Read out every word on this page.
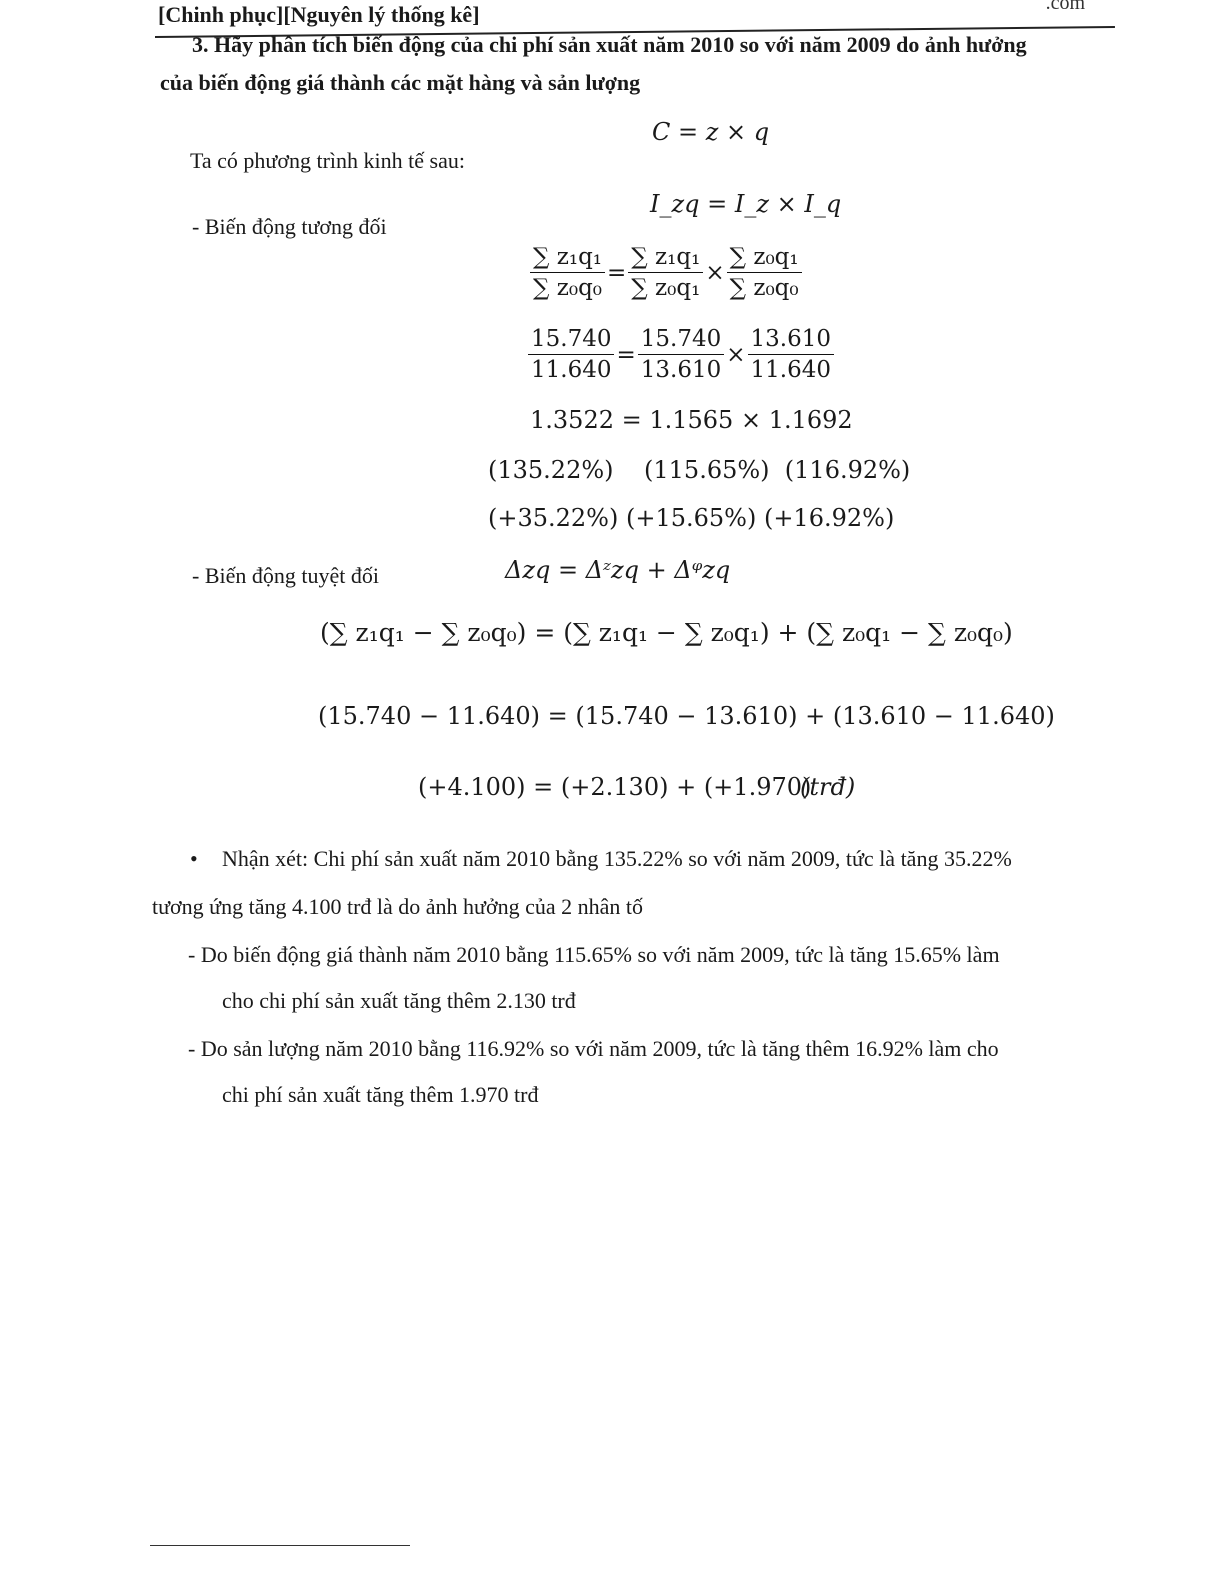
[Chinh phục][Nguyên lý thống kê]	.com
3. Hãy phân tích biến động của chi phí sản xuất năm 2010 so với năm 2009 do ảnh hưởng
của biến động giá thành các mặt hàng và sản lượng
Ta có phương trình kinh tế sau:
C = z × q
- Biến động tương đối
I_zq = I_z × I_q
$\frac{\text{∑ z₁q₁}}{\text{∑ z₀q₀}} = \frac{\text{∑ z₁q₁}}{\text{∑ z₀q₁}} \times \frac{\text{∑ z₀q₁}}{\text{∑ z₀q₀}}$
$\frac{15.740}{11.640} = \frac{15.740}{13.610} \times \frac{13.610}{11.640}$
1.3522 = 1.1565 × 1.1692
(135.22%)    (115.65%)  (116.92%)
(+35.22%) (+15.65%) (+16.92%)
- Biến động tuyệt đối	Δzq = Δᶻzq + Δᵠzq
(∑ z₁q₁ − ∑ z₀q₀) = (∑ z₁q₁ − ∑ z₀q₁) + (∑ z₀q₁ − ∑ z₀q₀)
(15.740 − 11.640) = (15.740 − 13.610) + (13.610 − 11.640)
(+4.100) = (+2.130) + (+1.970)
(trđ)
• Nhận xét: Chi phí sản xuất năm 2010 bằng 135.22% so với năm 2009, tức là tăng 35.22%
tương ứng tăng 4.100 trđ là do ảnh hưởng của 2 nhân tố
- Do biến động giá thành năm 2010 bằng 115.65% so với năm 2009, tức là tăng 15.65% làm
cho chi phí sản xuất tăng thêm 2.130 trđ
- Do sản lượng năm 2010 bằng 116.92% so với năm 2009, tức là tăng thêm 16.92% làm cho
chi phí sản xuất tăng thêm 1.970 trđ
